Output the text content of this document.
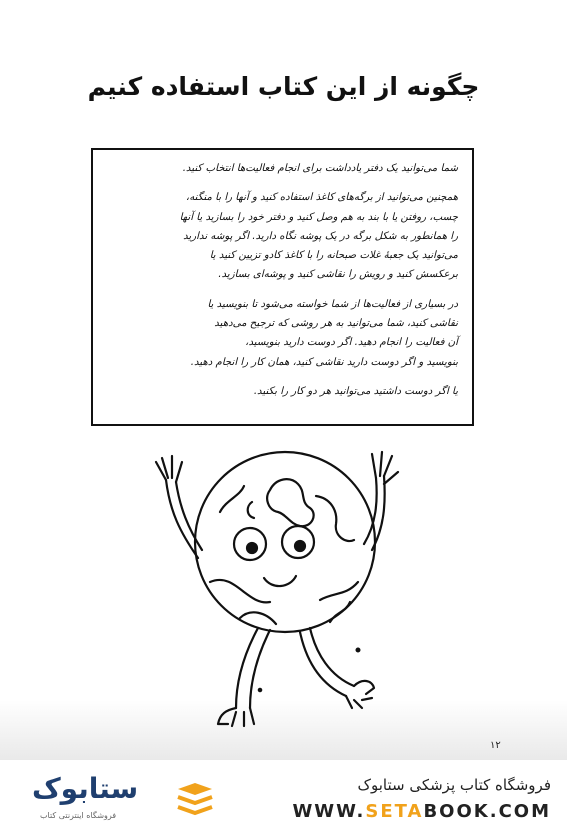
چگونه از این کتاب استفاده کنیم

شما می‌توانید یک دفتر یادداشت برای انجام فعالیت‌ها انتخاب کنید.

همچنین می‌توانید از برگه‌های کاغذ استفاده کنید و آنها را با منگنه،
چسب، روفتن یا با بند به هم وصل کنید و دفتر خود را بسازید یا آنها
را همانطور به شکل برگه در یک پوشه نگاه دارید. اگر پوشه ندارید
می‌توانید یک جعبهٔ غلات صبحانه را با کاغذ کادو تزیین کنید یا
برعکسش کنید و رویش را نقاشی کنید و پوشه‌ای بسازید.

در بسیاری از فعالیت‌ها از شما خواسته می‌شود تا بنویسید یا
نقاشی کنید، شما می‌توانید به هر روشی که ترجیح می‌دهید
آن فعالیت را انجام دهید. اگر دوست دارید بنویسید،
بنویسید و اگر دوست دارید نقاشی کنید، همان کار را انجام دهید.

یا اگر دوست داشتید می‌توانید هر دو کار را بکنید.

۱۲
فروشگاه کتاب پزشکی ستابوک
WWW.SETABOOK.COM
ستابوک
فروشگاه اینترنتی کتاب
